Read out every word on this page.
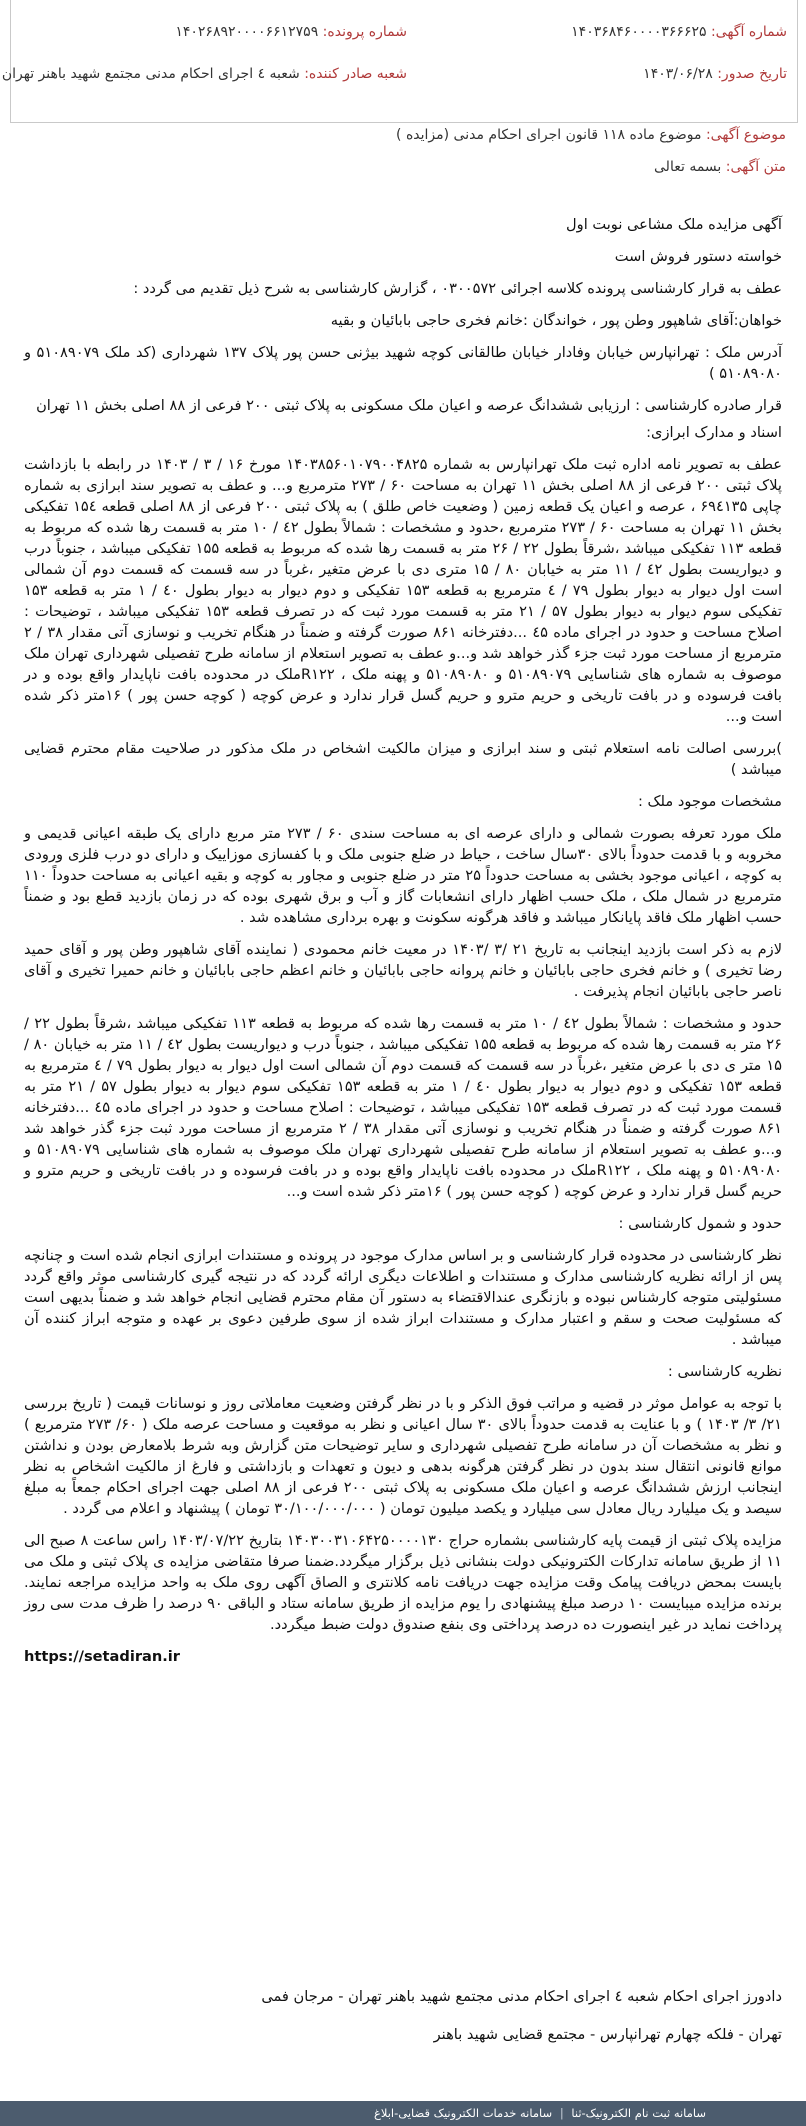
شماره آگهی: ۱۴۰۳۶۸۴۶۰۰۰۰۳۶۶۶۲۵
شماره پرونده: ۱۴۰۲۶۸۹۲۰۰۰۰۶۶۱۲۷۵۹
تاریخ صدور: ۱۴۰۳/۰۶/۲۸
شعبه صادر کننده: شعبه ٤ اجرای احکام مدنی مجتمع شهید باهنر تهران
موضوع آگهی: موضوع ماده ۱۱۸ قانون اجرای احکام مدنی (مزایده )
متن آگهی: بسمه تعالی

آگهی مزایده ملک مشاعی نوبت اول

خواسته دستور فروش است

عطف به قرار کارشناسی پرونده کلاسه اجرائی ۰۳۰۰۵۷۲ ، گزارش کارشناسی به شرح ذیل تقدیم می گردد :

خواهان:آقای شاهپور وطن پور ، خواندگان :خانم فخری حاجی بابائیان و بقیه

آدرس ملک : تهرانپارس خیابان وفادار خیابان طالقانی کوچه شهید بیژنی حسن پور پلاک ۱۳۷ شهرداری (کد ملک ۵۱۰۸۹۰۷۹ و ۵۱۰۸۹۰۸۰ )

قرار صادره کارشناسی : ارزیابی ششدانگ عرصه و اعیان ملک مسکونی به پلاک ثبتی ۲۰۰ فرعی از ۸۸ اصلی بخش ۱۱ تهران

اسناد و مدارک ابرازی:

عطف به تصویر نامه اداره ثبت ملک تهرانپارس به شماره ۱۴۰۳۸۵۶۰۱۰۷۹۰۰۴۸۲۵ مورخ ۱۶ / ۳ / ۱۴۰۳ در رابطه با بازداشت پلاک ثبتی ۲۰۰ فرعی از ۸۸ اصلی بخش ۱۱ تهران به مساحت ۶۰ / ۲۷۳ مترمربع و... و عطف به تصویر سند ابرازی به شماره چاپی ۶۹٤۱۳۵ ، عرصه و اعیان یک قطعه زمین ( وضعیت خاص طلق ) به پلاک ثبتی ۲۰۰ فرعی از ۸۸ اصلی قطعه ۱۵٤ تفکیکی بخش ۱۱ تهران به مساحت ۶۰ / ۲۷۳ مترمربع ،حدود و مشخصات : شمالاً بطول ٤۲ / ۱۰ متر به قسمت رها شده که مربوط به قطعه ۱۱۳ تفکیکی میباشد ،شرقاً بطول ۲۲ / ۲۶ متر به قسمت رها شده که مربوط به قطعه ۱۵۵ تفکیکی میباشد ، جنوباً درب و دیواریست بطول ٤۲ / ۱۱ متر به خیابان ۸۰ / ۱۵ متری دی با عرض متغیر ،غرباً در سه قسمت که قسمت دوم آن شمالی است اول دیوار به دیوار بطول ۷۹ / ٤ مترمربع به قطعه ۱۵۳ تفکیکی و دوم دیوار به دیوار بطول ٤۰ / ۱ متر به قطعه ۱۵۳ تفکیکی سوم دیوار به دیوار بطول ۵۷ / ۲۱ متر به قسمت مورد ثبت که در تصرف قطعه ۱۵۳ تفکیکی میباشد ، توضیحات : اصلاح مساحت و حدود در اجرای ماده ٤۵ ...دفترخانه ۸۶۱ صورت گرفته و ضمناً در هنگام تخریب و نوسازی آتی مقدار ۳۸ / ۲ مترمربع از مساحت مورد ثبت جزء گذر خواهد شد و...و عطف به تصویر استعلام از سامانه طرح تفصیلی شهرداری تهران ملک موصوف به شماره های شناسایی ۵۱۰۸۹۰۷۹ و ۵۱۰۸۹۰۸۰ و پهنه ملک ، R۱۲۲ملک در محدوده بافت ناپایدار واقع بوده و در بافت فرسوده و در بافت تاریخی و حریم مترو و حریم گسل قرار ندارد و عرض کوچه ( کوچه حسن پور ) ۱۶متر ذکر شده است و...

)بررسی اصالت نامه استعلام ثبتی و سند ابرازی و میزان مالکیت اشخاص در ملک مذکور در صلاحیت مقام محترم قضایی میباشد )

مشخصات موجود ملک :

ملک مورد تعرفه بصورت شمالی و دارای عرصه ای به مساحت سندی ۶۰ / ۲۷۳ متر مربع دارای یک طبقه اعیانی قدیمی و مخروبه و با قدمت حدوداً بالای ۳۰سال ساخت ، حیاط در ضلع جنوبی ملک و با کفسازی موزاییک و دارای دو درب فلزی ورودی به کوچه ، اعیانی موجود بخشی به مساحت حدوداً ۲۵ متر در ضلع جنوبی و مجاور به کوچه و بقیه اعیانی به مساحت حدوداً ۱۱۰ مترمربع در شمال ملک ، ملک حسب اظهار دارای انشعابات گاز و آب و برق شهری بوده که در زمان بازدید قطع بود و ضمناً حسب اظهار ملک فاقد پایانکار میباشد و فاقد هرگونه سکونت و بهره برداری مشاهده شد .

لازم به ذکر است بازدید اینجانب به تاریخ ۲۱ /۳ /۱۴۰۳ در معیت خانم محمودی ( نماینده آقای شاهپور وطن پور و آقای حمید رضا تخیری ) و خانم فخری حاجی بابائیان و خانم پروانه حاجی بابائیان و خانم اعظم حاجی بابائیان و خانم حمیرا تخیری و آقای ناصر حاجی بابائیان انجام پذیرفت .

حدود و مشخصات : شمالاً بطول ٤۲ / ۱۰ متر به قسمت رها شده که مربوط به قطعه ۱۱۳ تفکیکی میباشد ،شرقاً بطول ۲۲ / ۲۶ متر به قسمت رها شده که مربوط به قطعه ۱۵۵ تفکیکی میباشد ، جنوباً درب و دیواریست بطول ٤۲ / ۱۱ متر به خیابان ۸۰ / ۱۵ متر ی دی با عرض متغیر ،غرباً در سه قسمت که قسمت دوم آن شمالی است اول دیوار به دیوار بطول ۷۹ / ٤ مترمربع به قطعه ۱۵۳ تفکیکی و دوم دیوار به دیوار بطول ٤۰ / ۱ متر به قطعه ۱۵۳ تفکیکی سوم دیوار به دیوار بطول ۵۷ / ۲۱ متر به قسمت مورد ثبت که در تصرف قطعه ۱۵۳ تفکیکی میباشد ، توضیحات : اصلاح مساحت و حدود در اجرای ماده ٤۵ ...دفترخانه ۸۶۱ صورت گرفته و ضمناً در هنگام تخریب و نوسازی آتی مقدار ۳۸ / ۲ مترمربع از مساحت مورد ثبت جزء گذر خواهد شد و...و عطف به تصویر استعلام از سامانه طرح تفصیلی شهرداری تهران ملک موصوف به شماره های شناسایی ۵۱۰۸۹۰۷۹ و ۵۱۰۸۹۰۸۰ و پهنه ملک ، R۱۲۲ملک در محدوده بافت ناپایدار واقع بوده و در بافت فرسوده و در بافت تاریخی و حریم مترو و حریم گسل قرار ندارد و عرض کوچه ( کوچه حسن پور ) ۱۶متر ذکر شده است و...

حدود و شمول کارشناسی :

نظر کارشناسی در محدوده قرار کارشناسی و بر اساس مدارک موجود در پرونده و مستندات ابرازی انجام شده است و چنانچه پس از ارائه نظریه کارشناسی مدارک و مستندات و اطلاعات دیگری ارائه گردد که در نتیجه گیری کارشناسی موثر واقع گردد مسئولیتی متوجه کارشناس نبوده و بازنگری عندالاقتضاء به دستور آن مقام محترم قضایی انجام خواهد شد و ضمناً بدیهی است که مسئولیت صحت و سقم و اعتبار مدارک و مستندات ابراز شده از سوی طرفین دعوی بر عهده و متوجه ابراز کننده آن میباشد .

نظریه کارشناسی :

با توجه به عوامل موثر در قضیه و مراتب فوق الذکر و با در نظر گرفتن وضعیت معاملاتی روز و نوسانات قیمت ( تاریخ بررسی ۲۱/ ۳/ ۱۴۰۳ ) و با عنایت به قدمت حدوداً بالای ۳۰ سال اعیانی و نظر به موقعیت و مساحت عرصه ملک ( ۶۰/ ۲۷۳ مترمربع ) و نظر به مشخصات آن در سامانه طرح تفصیلی شهرداری و سایر توضیحات متن گزارش وبه شرط بلامعارض بودن و نداشتن موانع قانونی انتقال سند بدون در نظر گرفتن هرگونه بدهی و دیون و تعهدات و بازداشتی و فارغ از مالکیت اشخاص به نظر اینجانب ارزش ششدانگ عرصه و اعیان ملک مسکونی به پلاک ثبتی ۲۰۰ فرعی از ۸۸ اصلی جهت اجرای احکام جمعاً به مبلغ سیصد و یک میلیارد ریال معادل سی میلیارد و یکصد میلیون تومان ( ۳۰/۱۰۰/۰۰۰/۰۰۰ تومان ) پیشنهاد و اعلام می گردد .

مزایده پلاک ثبتی از قیمت پایه کارشناسی بشماره حراج ۱۴۰۳۰۰۳۱۰۶۴۲۵۰۰۰۰۱۳۰ بتاریخ ۱۴۰۳/۰۷/۲۲ راس ساعت ۸ صبح الی ۱۱ از طریق سامانه تدارکات الکترونیکی دولت بنشانی ذیل برگزار میگردد.ضمنا صرفا متقاضی مزایده ی پلاک ثبتی و ملک می بایست بمحض دریافت پیامک وقت مزایده جهت دریافت نامه کلانتری و الصاق آگهی روی ملک به واحد مزایده مراجعه نمایند. برنده مزایده میبایست ۱۰ درصد مبلغ پیشنهادی را یوم مزایده از طریق سامانه ستاد و الباقی ۹۰ درصد را ظرف مدت سی روز پرداخت نماید در غیر اینصورت ده درصد پرداختی وی بنفع صندوق دولت ضبط میگردد.

https://setadiran.ir

دادورز اجرای احکام شعبه ٤ اجرای احکام مدنی مجتمع شهید باهنر تهران - مرجان فمی
تهران - فلکه چهارم تهرانپارس - مجتمع قضایی شهید باهنر
سامانه ثبت نام الکترونیک-ثنا | سامانه خدمات الکترونیک قضایی-ابلاغ
